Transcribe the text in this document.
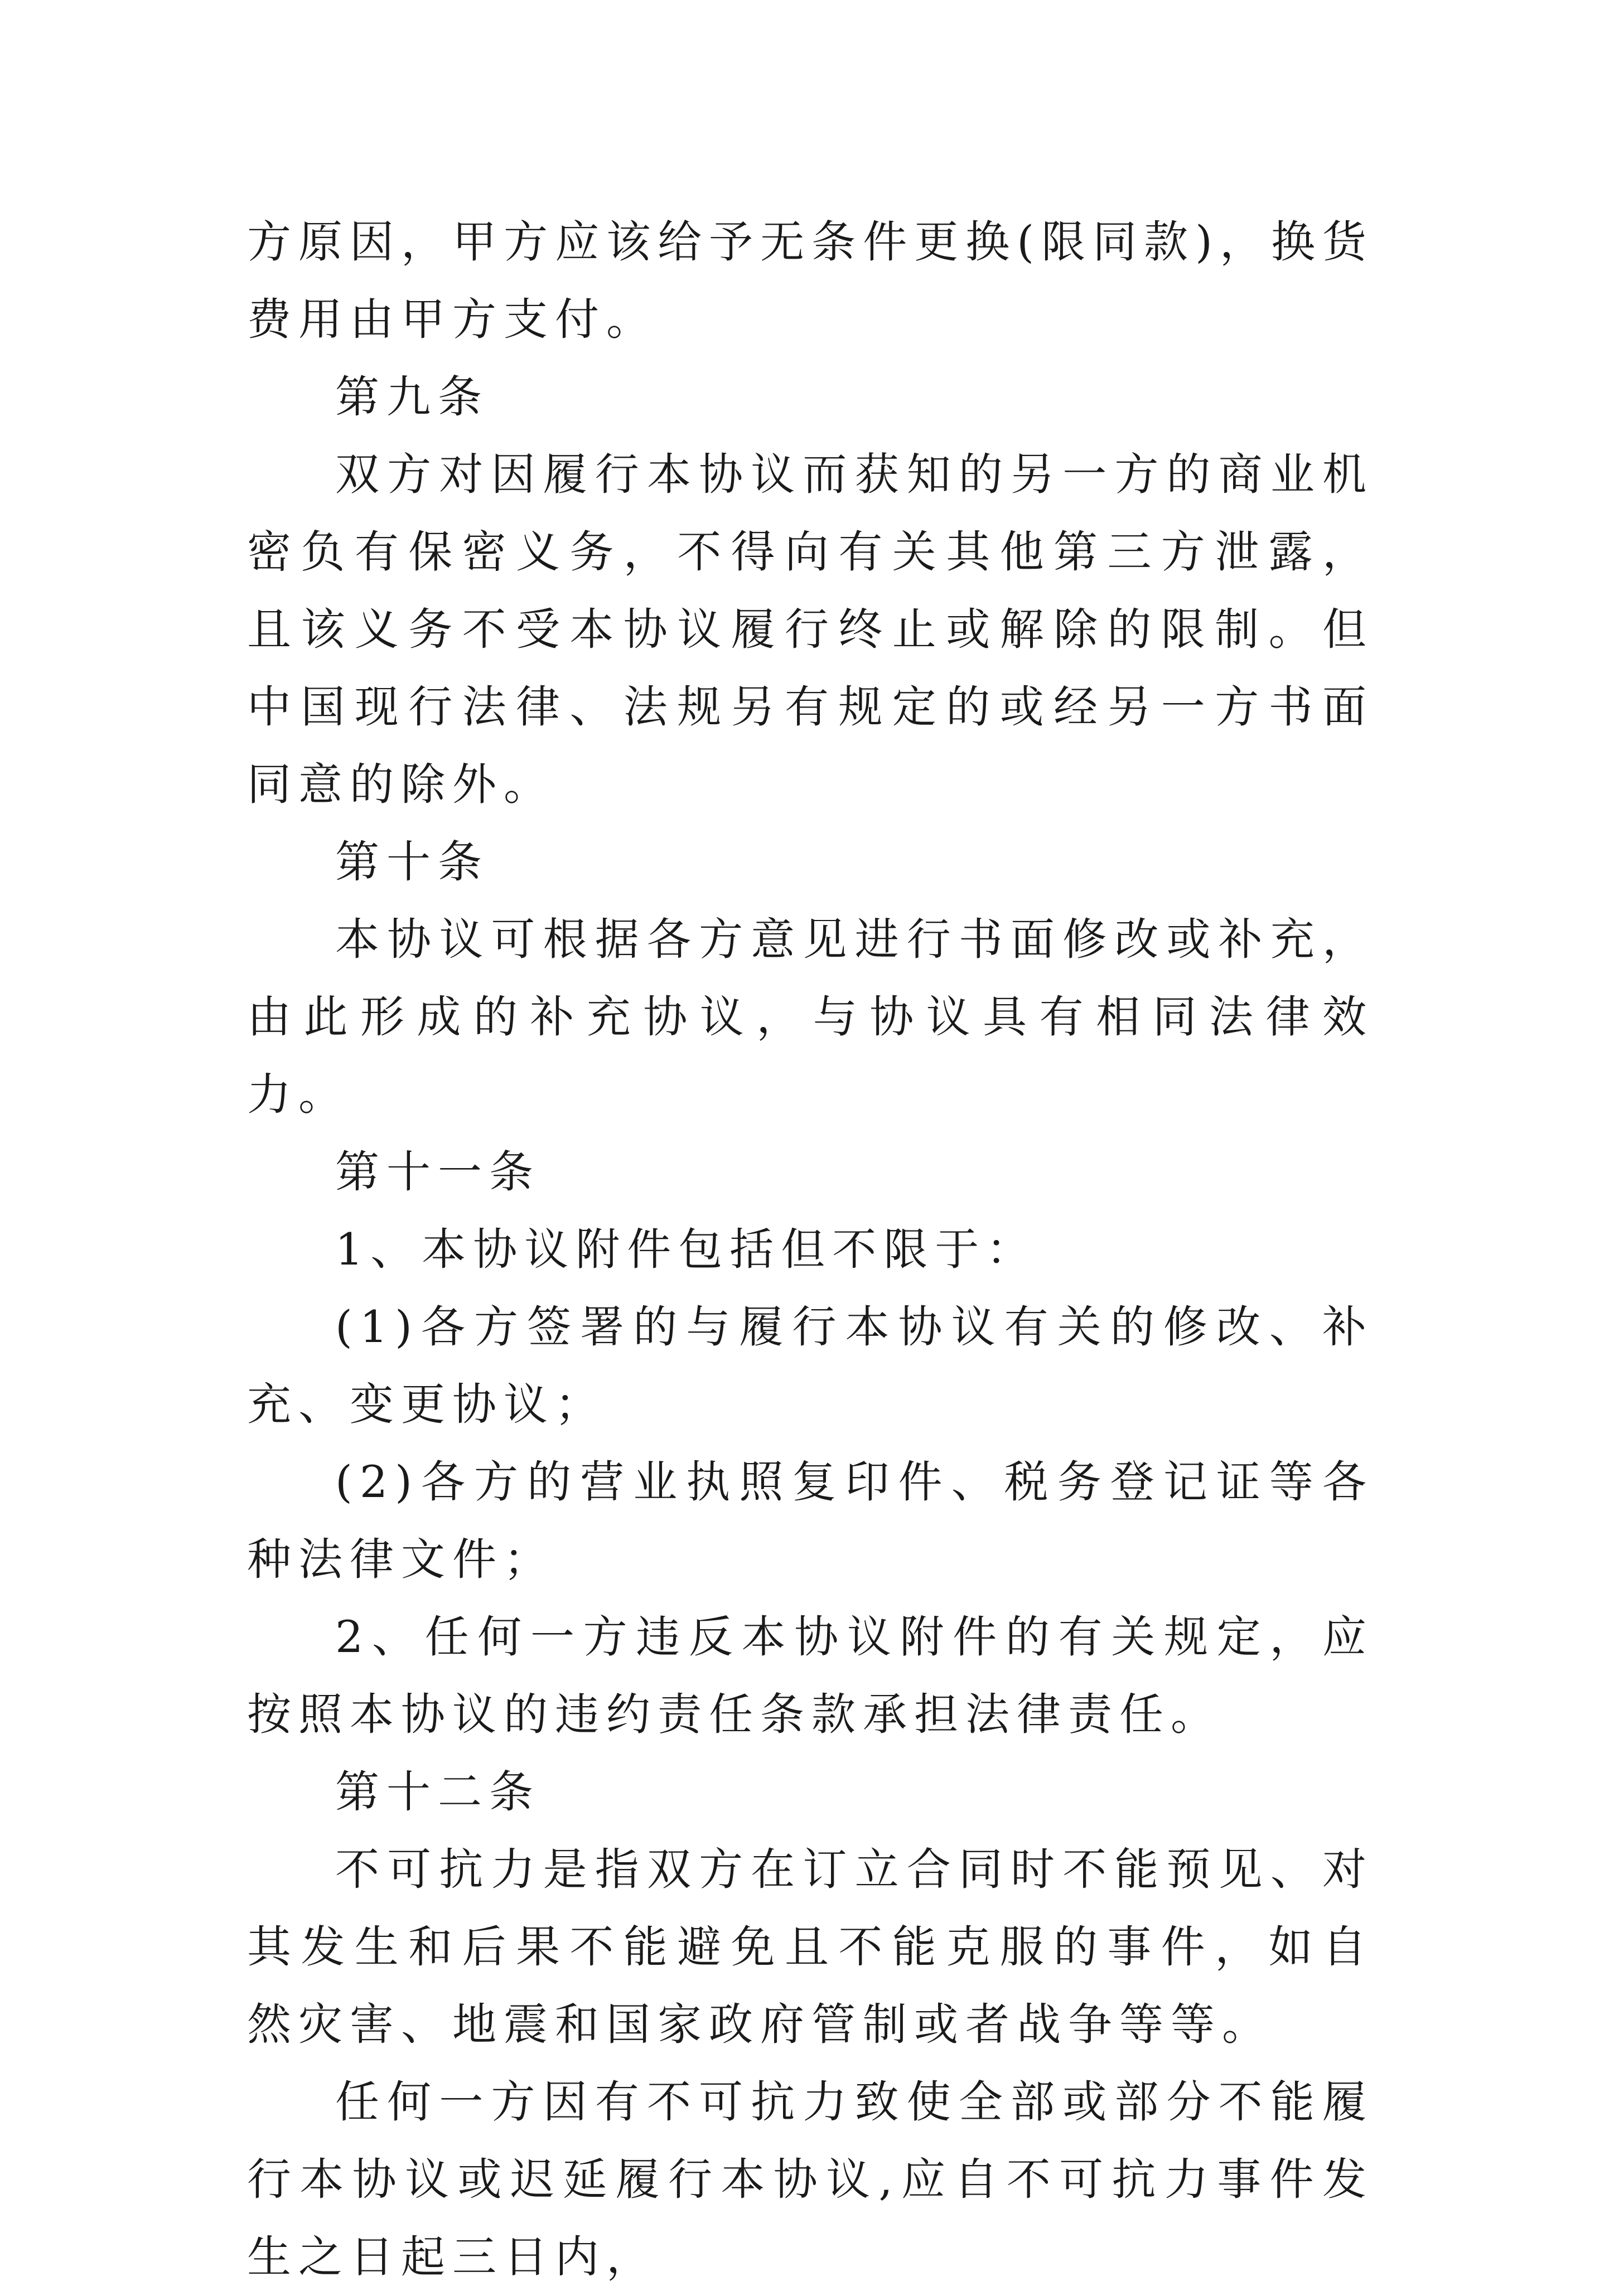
方原因，甲方应该给予无条件更换(限同款)，换货费用由甲方支付。

第九条

双方对因履行本协议而获知的另一方的商业机密负有保密义务，不得向有关其他第三方泄露，且该义务不受本协议履行终止或解除的限制。但中国现行法律、法规另有规定的或经另一方书面同意的除外。

第十条

本协议可根据各方意见进行书面修改或补充，由此形成的补充协议，与协议具有相同法律效力。

第十一条

1、本协议附件包括但不限于：

(1)各方签署的与履行本协议有关的修改、补充、变更协议；

(2)各方的营业执照复印件、税务登记证等各种法律文件；

2、任何一方违反本协议附件的有关规定，应按照本协议的违约责任条款承担法律责任。

第十二条

不可抗力是指双方在订立合同时不能预见、对其发生和后果不能避免且不能克服的事件，如自然灾害、地震和国家政府管制或者战争等等。

任何一方因有不可抗力致使全部或部分不能履行本协议或迟延履行本协议,应自不可抗力事件发生之日起三日内，
